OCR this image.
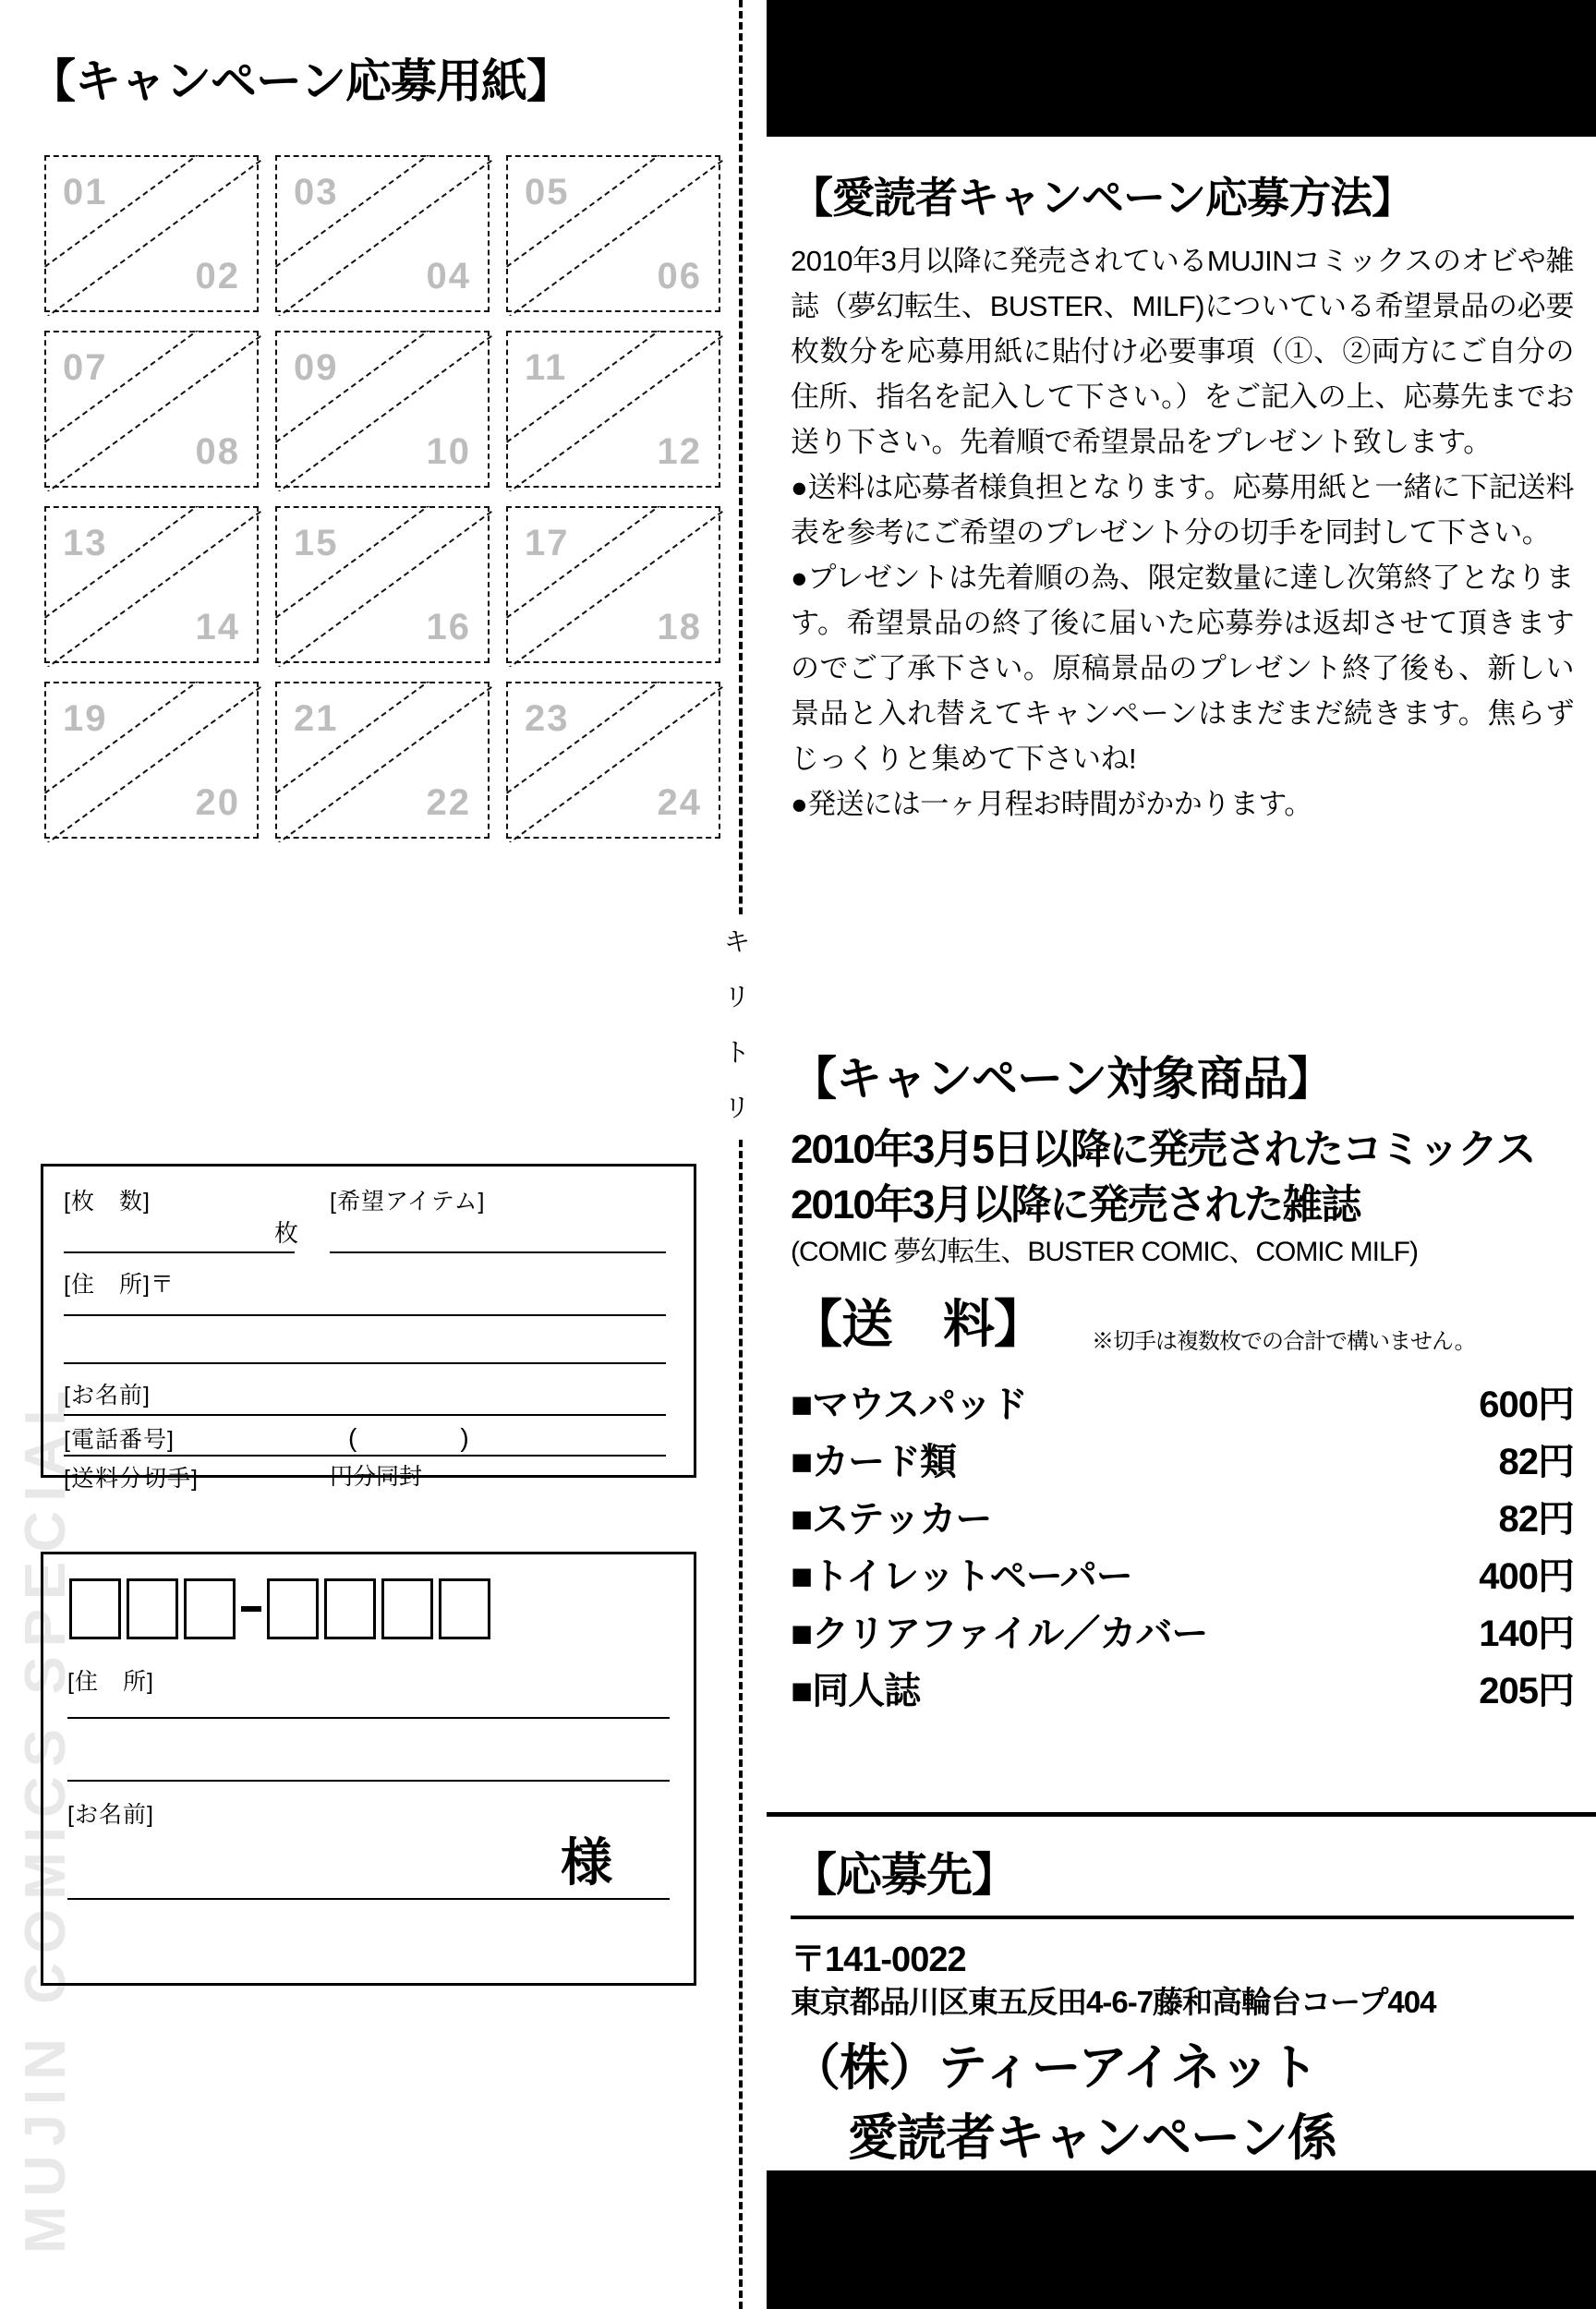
MUJIN COMICS SPECIAL
【キャンペーン応募用紙】
01
02
03
04
05
06
07
08
09
10
11
12
13
14
15
16
17
18
19
20
21
22
23
24
[枚　数]	[希望アイテム]
枚
[住　所]〒
[お名前]
[電話番号]	(　)
[送料分切手]	円分同封
[住　所]
[お名前]
様
キリトリ
【愛読者キャンペーン応募方法】

2010年3月以降に発売されているMUJINコミックスのオビや雑誌（夢幻転生、BUSTER、MILF)についている希望景品の必要枚数分を応募用紙に貼付け必要事項（①、②両方にご自分の住所、指名を記入して下さい。）をご記入の上、応募先までお送り下さい。先着順で希望景品をプレゼント致します。

●送料は応募者様負担となります。応募用紙と一緒に下記送料表を参考にご希望のプレゼント分の切手を同封して下さい。

●プレゼントは先着順の為、限定数量に達し次第終了となります。希望景品の終了後に届いた応募券は返却させて頂きますのでご了承下さい。原稿景品のプレゼント終了後も、新しい景品と入れ替えてキャンペーンはまだまだ続きます。焦らずじっくりと集めて下さいね!

●発送には一ヶ月程お時間がかかります。

【キャンペーン対象商品】
2010年3月5日以降に発売されたコミックス
2010年3月以降に発売された雑誌
(COMIC 夢幻転生、BUSTER COMIC、COMIC MILF)
【送　料】 ※切手は複数枚での合計で構いません。
■マウスパッド	600円
■カード類	82円
■ステッカー	82円
■トイレットペーパー	400円
■クリアファイル／カバー	140円
■同人誌	205円
【応募先】
〒141-0022
東京都品川区東五反田4-6-7藤和高輪台コープ404
（株）ティーアイネット
愛読者キャンペーン係
